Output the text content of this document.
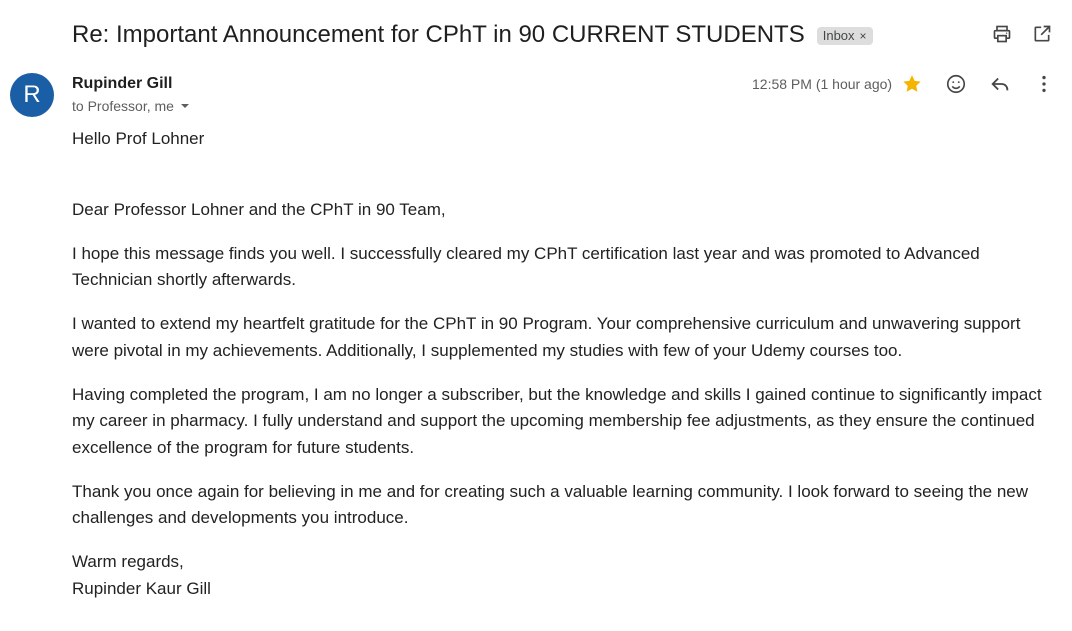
Re: Important Announcement for CPhT in 90 CURRENT STUDENTS Inbox ×
R	Rupinder Gill
to Professor, me
12:58 PM (1 hour ago)

Hello Prof Lohner

Dear Professor Lohner and the CPhT in 90 Team,

I hope this message finds you well. I successfully cleared my CPhT certification last year and was promoted to Advanced Technician shortly afterwards.

I wanted to extend my heartfelt gratitude for the CPhT in 90 Program. Your comprehensive curriculum and unwavering support were pivotal in my achievements. Additionally, I supplemented my studies with few of your Udemy courses too.

Having completed the program, I am no longer a subscriber, but the knowledge and skills I gained continue to significantly impact my career in pharmacy. I fully understand and support the upcoming membership fee adjustments, as they ensure the continued excellence of the program for future students.

Thank you once again for believing in me and for creating such a valuable learning community. I look forward to seeing the new challenges and developments you introduce.

Warm regards,

Rupinder Kaur Gill
